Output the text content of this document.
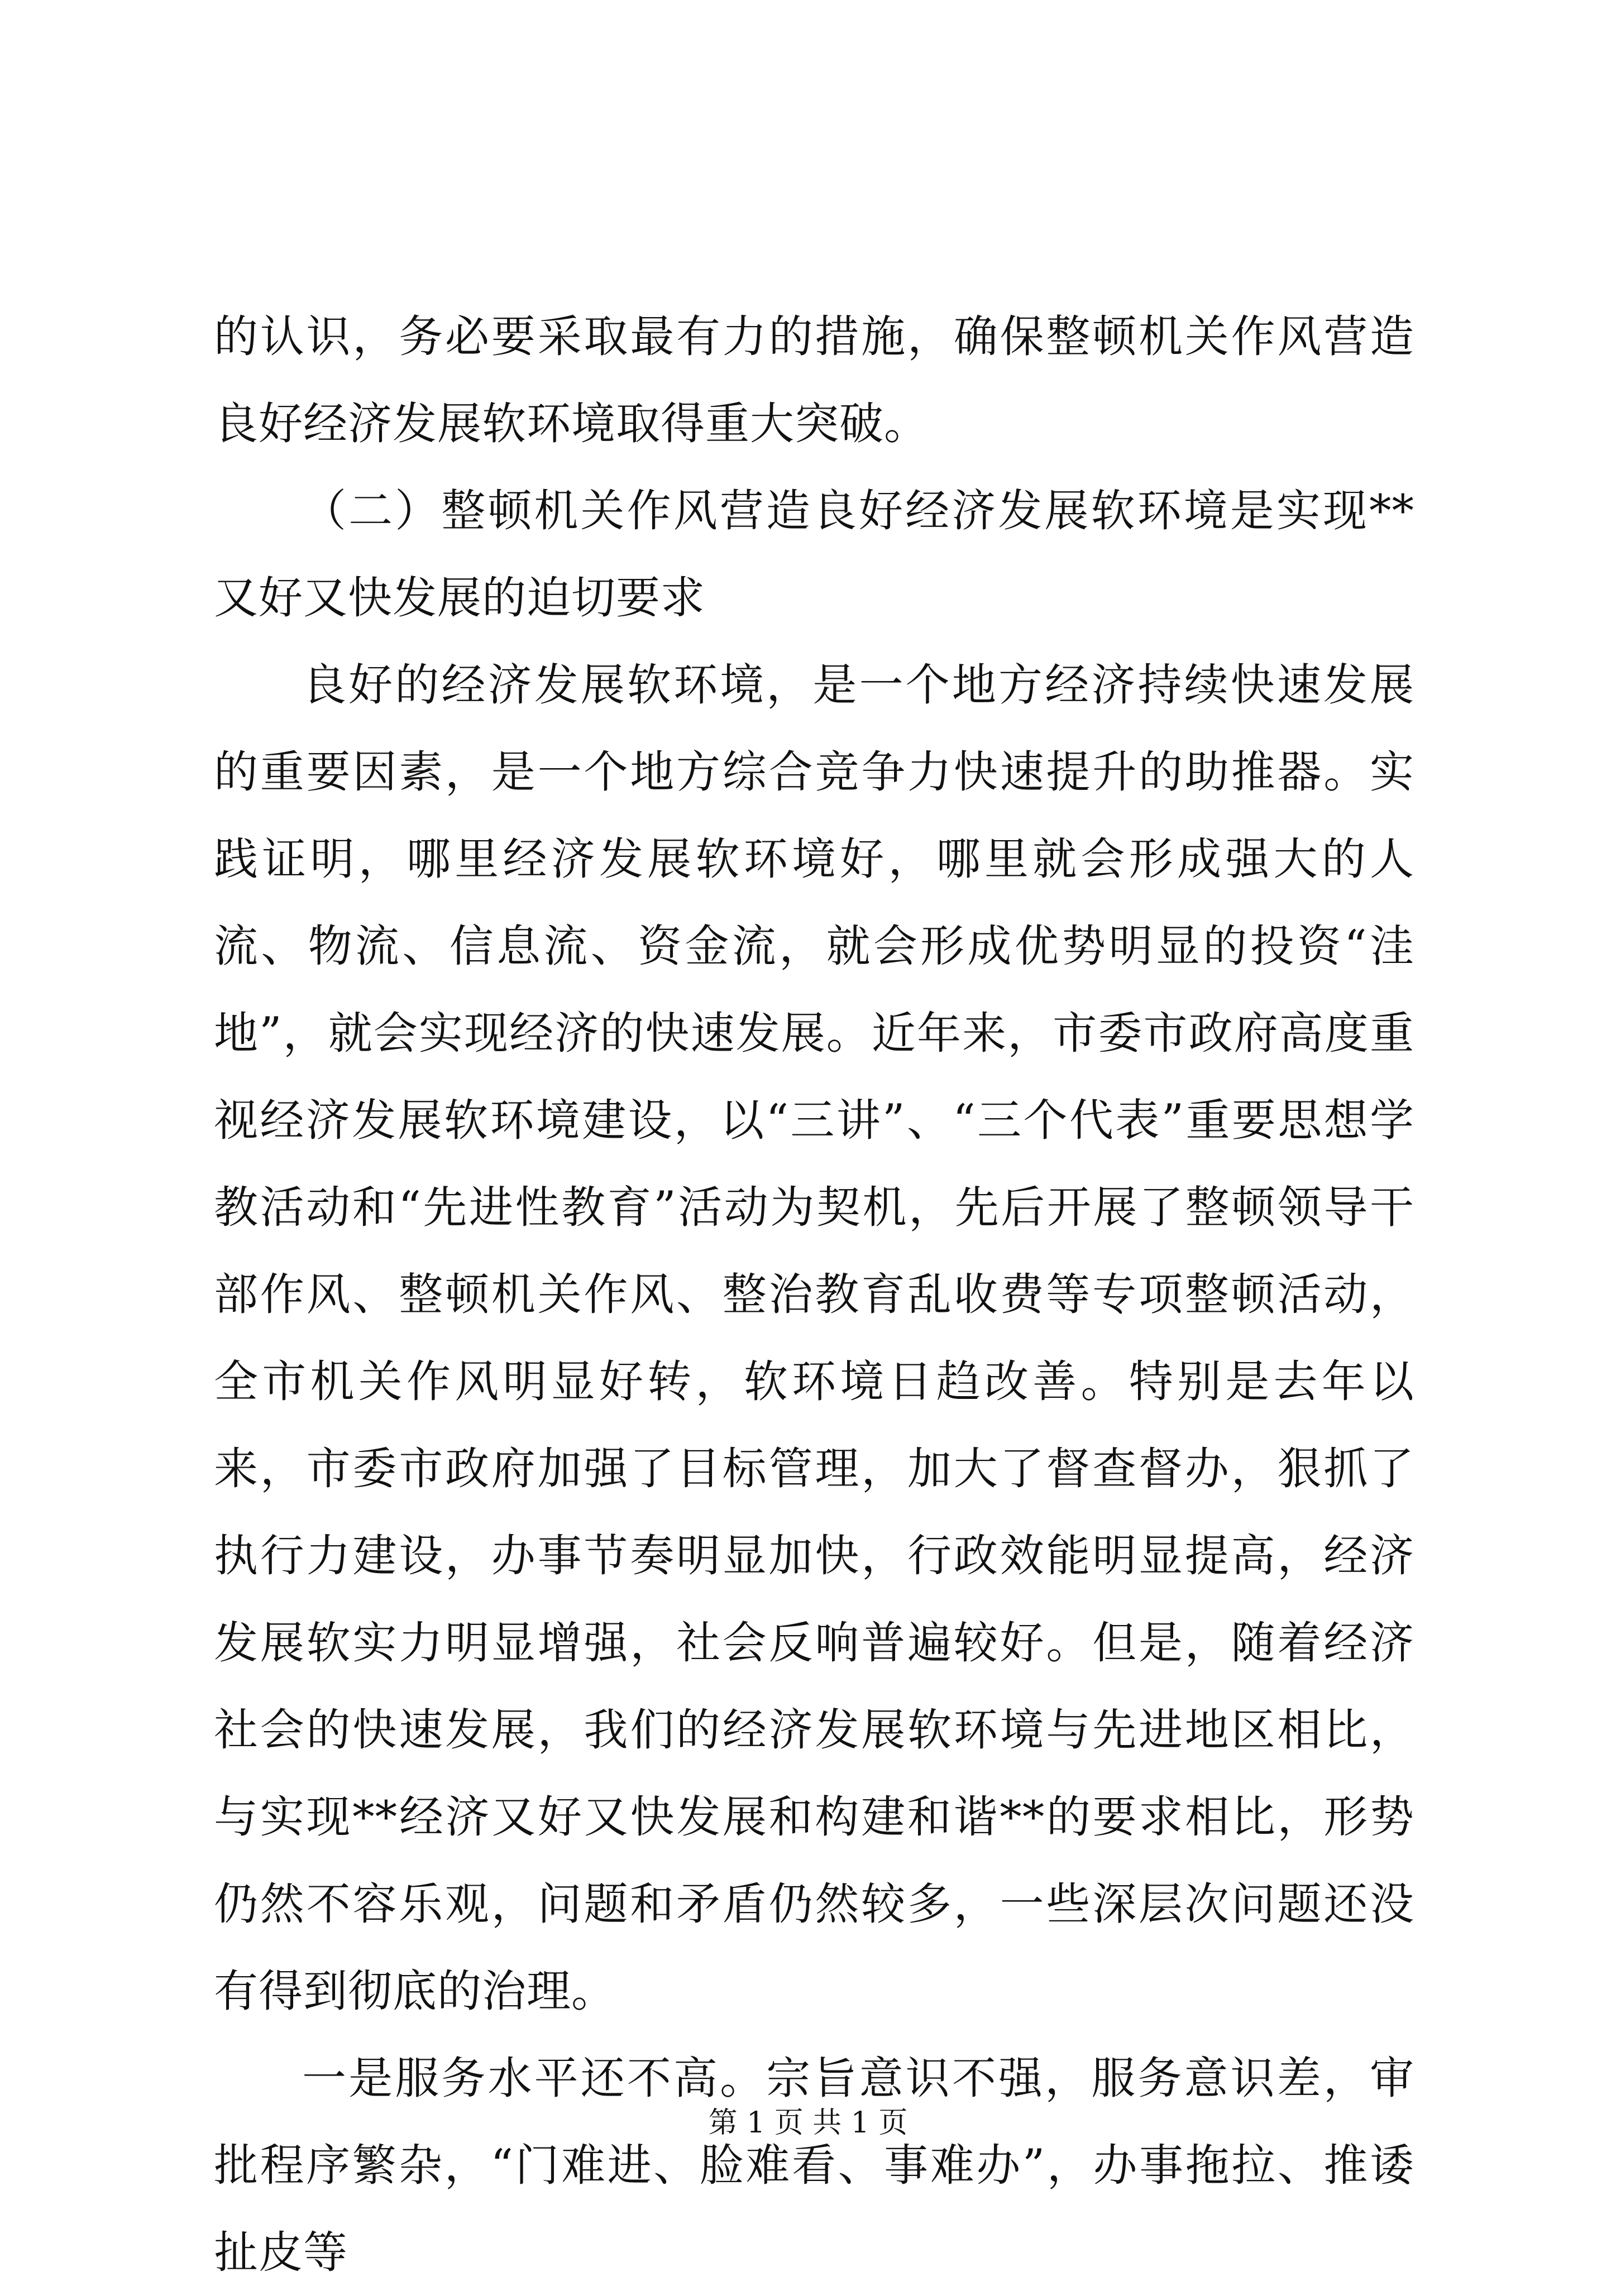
的认识，务必要采取最有力的措施，确保整顿机关作风营造良好经济发展软环境取得重大突破。

（二）整顿机关作风营造良好经济发展软环境是实现**又好又快发展的迫切要求

良好的经济发展软环境，是一个地方经济持续快速发展的重要因素，是一个地方综合竞争力快速提升的助推器。实践证明，哪里经济发展软环境好，哪里就会形成强大的人流、物流、信息流、资金流，就会形成优势明显的投资“洼地”，就会实现经济的快速发展。近年来，市委市政府高度重视经济发展软环境建设，以“三讲”、“三个代表”重要思想学教活动和“先进性教育”活动为契机，先后开展了整顿领导干部作风、整顿机关作风、整治教育乱收费等专项整顿活动，全市机关作风明显好转，软环境日趋改善。特别是去年以来，市委市政府加强了目标管理，加大了督查督办，狠抓了执行力建设，办事节奏明显加快，行政效能明显提高，经济发展软实力明显增强，社会反响普遍较好。但是，随着经济社会的快速发展，我们的经济发展软环境与先进地区相比，与实现**经济又好又快发展和构建和谐**的要求相比，形势仍然不容乐观，问题和矛盾仍然较多，一些深层次问题还没有得到彻底的治理。

一是服务水平还不高。宗旨意识不强，服务意识差，审批程序繁杂，“门难进、脸难看、事难办”，办事拖拉、推诿扯皮等

第 1 页 共 1 页
